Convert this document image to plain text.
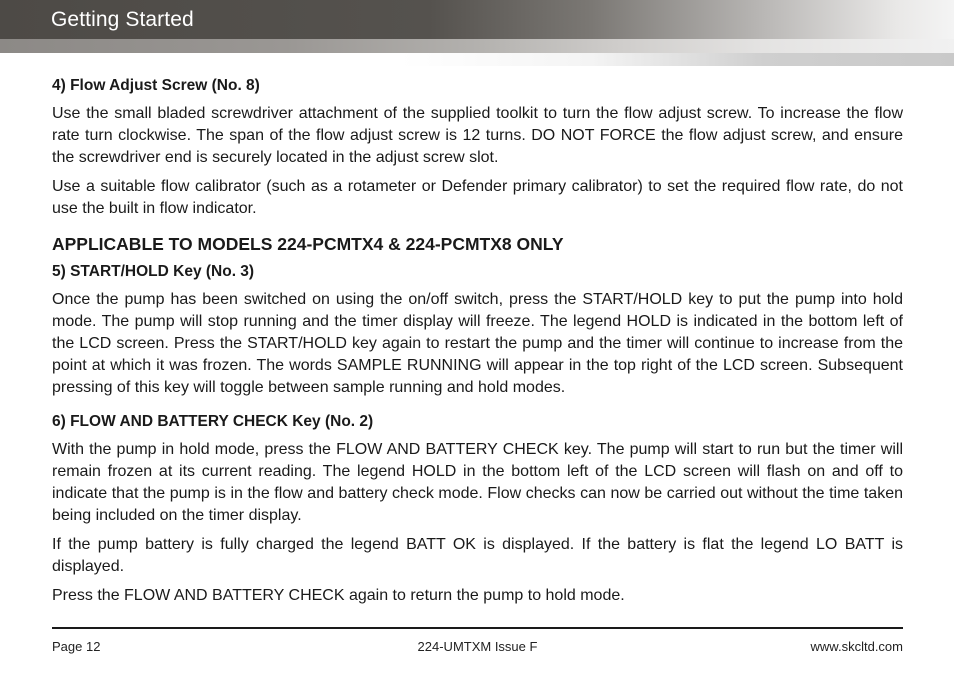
Getting Started
4) Flow Adjust Screw (No. 8)

Use the small bladed screwdriver attachment of the supplied toolkit to turn the flow adjust screw. To increase the flow rate turn clockwise. The span of the flow adjust screw is 12 turns. DO NOT FORCE the flow adjust screw, and ensure the screwdriver end is securely located in the adjust screw slot.

Use a suitable flow calibrator (such as a rotameter or Defender primary calibrator) to set the required flow rate, do not use the built in flow indicator.

APPLICABLE TO MODELS 224-PCMTX4 & 224-PCMTX8 ONLY
5) START/HOLD Key (No. 3)

Once the pump has been switched on using the on/off switch, press the START/HOLD key to put the pump into hold mode. The pump will stop running and the timer display will freeze. The legend HOLD is indicated in the bottom left of the LCD screen. Press the START/HOLD key again to restart the pump and the timer will continue to increase from the point at which it was frozen. The words SAMPLE RUNNING will appear in the top right of the LCD screen. Subsequent pressing of this key will toggle between sample running and hold modes.

6) FLOW AND BATTERY CHECK Key (No. 2)

With the pump in hold mode, press the FLOW AND BATTERY CHECK key. The pump will start to run but the timer will remain frozen at its current reading. The legend HOLD in the bottom left of the LCD screen will flash on and off to indicate that the pump is in the flow and battery check mode. Flow checks can now be carried out without the time taken being included on the timer display.

If the pump battery is fully charged the legend BATT OK is displayed. If the battery is flat the legend LO BATT is displayed.

Press the FLOW AND BATTERY CHECK again to return the pump to hold mode.

Page 12	224-UMTXM Issue F	www.skcltd.com
